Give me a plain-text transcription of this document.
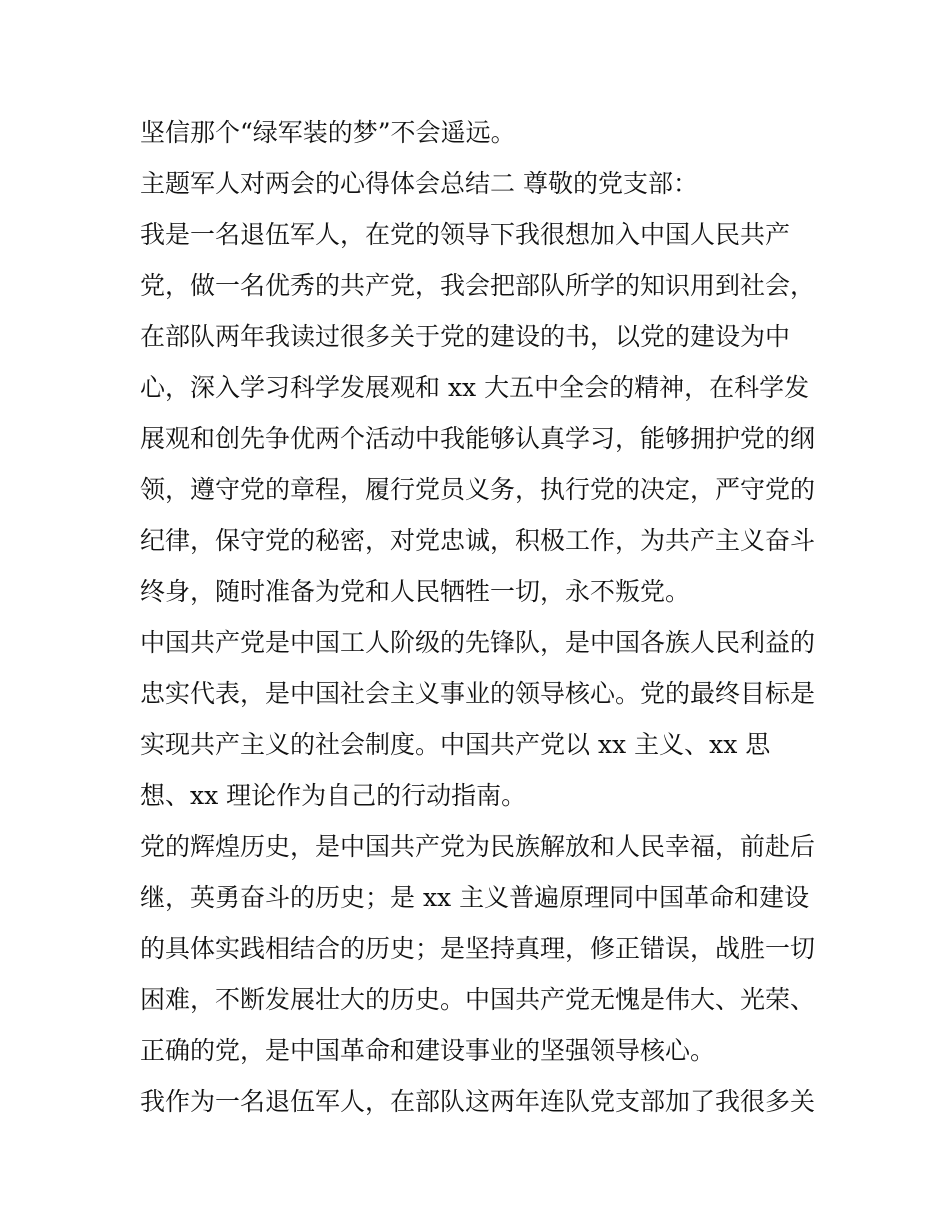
坚信那个“绿军装的梦”不会遥远。
主题军人对两会的心得体会总结二 尊敬的党支部：
我是一名退伍军人，在党的领导下我很想加入中国人民共产
党，做一名优秀的共产党，我会把部队所学的知识用到社会，
在部队两年我读过很多关于党的建设的书，以党的建设为中
心，深入学习科学发展观和 xx 大五中全会的精神，在科学发
展观和创先争优两个活动中我能够认真学习，能够拥护党的纲
领，遵守党的章程，履行党员义务，执行党的决定，严守党的
纪律，保守党的秘密，对党忠诚，积极工作，为共产主义奋斗
终身，随时准备为党和人民牺牲一切，永不叛党。
中国共产党是中国工人阶级的先锋队，是中国各族人民利益的
忠实代表，是中国社会主义事业的领导核心。党的最终目标是
实现共产主义的社会制度。中国共产党以 xx 主义、xx 思
想、xx 理论作为自己的行动指南。
党的辉煌历史，是中国共产党为民族解放和人民幸福，前赴后
继，英勇奋斗的历史；是 xx 主义普遍原理同中国革命和建设
的具体实践相结合的历史；是坚持真理，修正错误，战胜一切
困难，不断发展壮大的历史。中国共产党无愧是伟大、光荣、
正确的党，是中国革命和建设事业的坚强领导核心。
我作为一名退伍军人，在部队这两年连队党支部加了我很多关
